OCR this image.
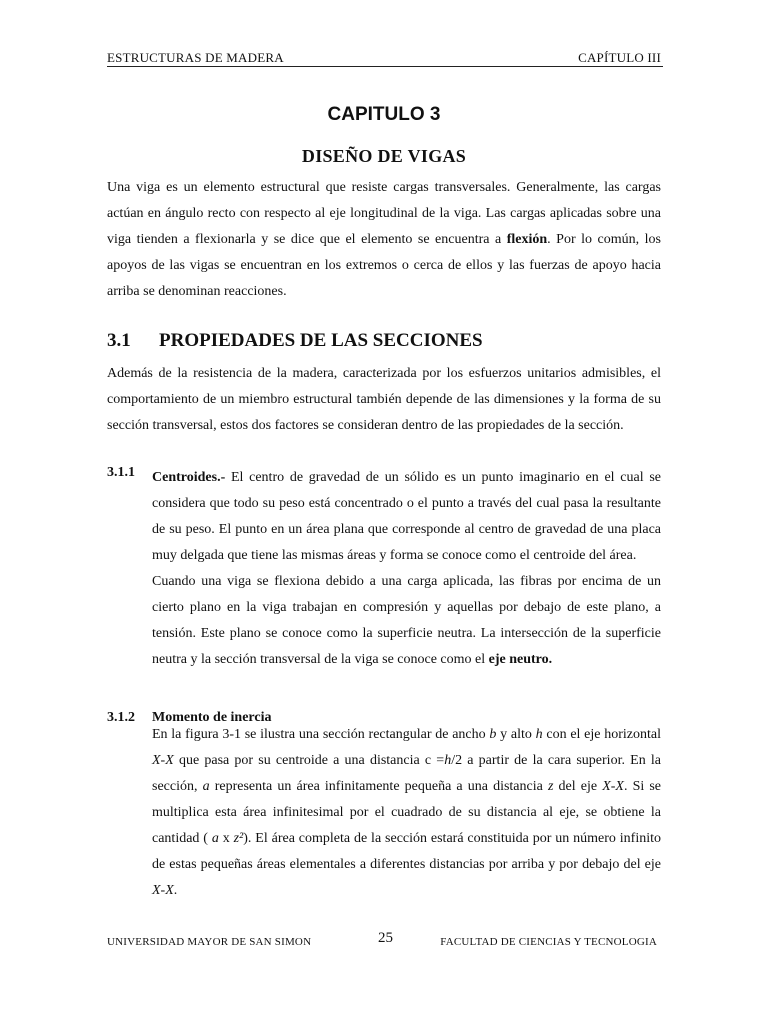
ESTRUCTURAS DE MADERA	CAPÍTULO III
CAPITULO 3
DISEÑO DE VIGAS
Una viga es un elemento estructural que resiste cargas transversales. Generalmente, las cargas actúan en ángulo recto con respecto al eje longitudinal de la viga. Las cargas aplicadas sobre una viga tienden a flexionarla y se dice que el elemento se encuentra a flexión. Por lo común, los apoyos de las vigas se encuentran en los extremos o cerca de ellos y las fuerzas de apoyo hacia arriba se denominan reacciones.
3.1 PROPIEDADES DE LAS SECCIONES
Además de la resistencia de la madera, caracterizada por los esfuerzos unitarios admisibles, el comportamiento de un miembro estructural también depende de las dimensiones y la forma de su sección transversal, estos dos factores se consideran dentro de las propiedades de la sección.
3.1.1 Centroides.- El centro de gravedad de un sólido es un punto imaginario en el cual se considera que todo su peso está concentrado o el punto a través del cual pasa la resultante de su peso. El punto en un área plana que corresponde al centro de gravedad de una placa muy delgada que tiene las mismas áreas y forma se conoce como el centroide del área.
Cuando una viga se flexiona debido a una carga aplicada, las fibras por encima de un cierto plano en la viga trabajan en compresión y aquellas por debajo de este plano, a tensión. Este plano se conoce como la superficie neutra. La intersección de la superficie neutra y la sección transversal de la viga se conoce como el eje neutro.
3.1.2 Momento de inercia
En la figura 3-1 se ilustra una sección rectangular de ancho b y alto h con el eje horizontal X-X que pasa por su centroide a una distancia c =h/2 a partir de la cara superior. En la sección, a representa un área infinitamente pequeña a una distancia z del eje X-X. Si se multiplica esta área infinitesimal por el cuadrado de su distancia al eje, se obtiene la cantidad ( a x z²). El área completa de la sección estará constituida por un número infinito de estas pequeñas áreas elementales a diferentes distancias por arriba y por debajo del eje X-X.
UNIVERSIDAD MAYOR DE SAN SIMON	25	FACULTAD DE CIENCIAS Y TECNOLOGIA
